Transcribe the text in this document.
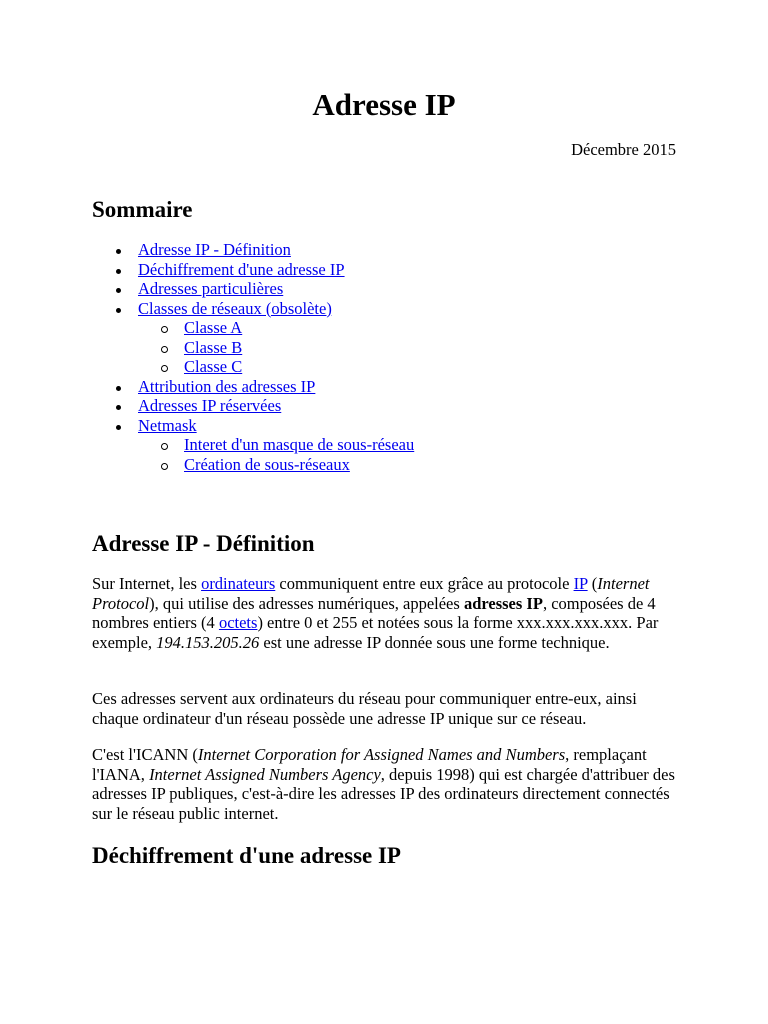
Adresse IP
Décembre 2015
Sommaire
Adresse IP - Définition
Déchiffrement d'une adresse IP
Adresses particulières
Classes de réseaux (obsolète)
Classe A
Classe B
Classe C
Attribution des adresses IP
Adresses IP réservées
Netmask
Interet d'un masque de sous-réseau
Création de sous-réseaux
Adresse IP - Définition

Sur Internet, les ordinateurs communiquent entre eux grâce au protocole IP (Internet Protocol), qui utilise des adresses numériques, appelées adresses IP, composées de 4 nombres entiers (4 octets) entre 0 et 255 et notées sous la forme xxx.xxx.xxx.xxx. Par exemple, 194.153.205.26 est une adresse IP donnée sous une forme technique.

Ces adresses servent aux ordinateurs du réseau pour communiquer entre-eux, ainsi chaque ordinateur d'un réseau possède une adresse IP unique sur ce réseau.

C'est l'ICANN (Internet Corporation for Assigned Names and Numbers, remplaçant l'IANA, Internet Assigned Numbers Agency, depuis 1998) qui est chargée d'attribuer des adresses IP publiques, c'est-à-dire les adresses IP des ordinateurs directement connectés sur le réseau public internet.

Déchiffrement d'une adresse IP
